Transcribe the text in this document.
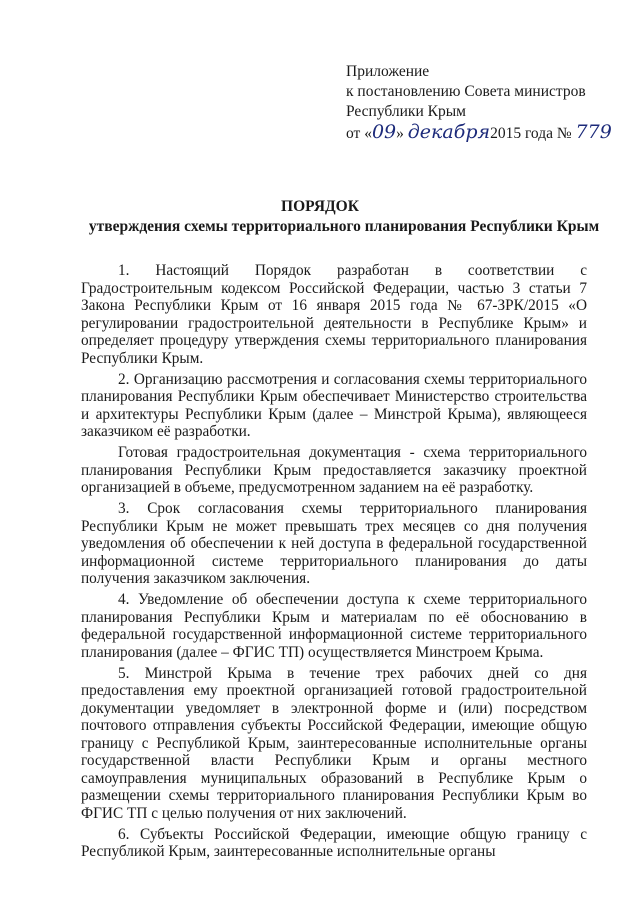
Приложение
к постановлению Совета министров
Республики Крым
от «09» декабря2015 года № 779
ПОРЯДОК
утверждения схемы территориального планирования Республики Крым

1. Настоящий Порядок разработан в соответствии с Градостроительным кодексом Российской Федерации, частью 3 статьи 7 Закона Республики Крым от 16 января 2015 года № 67-ЗРК/2015 «О регулировании градостроительной деятельности в Республике Крым» и определяет процедуру утверждения схемы территориального планирования Республики Крым.

2. Организацию рассмотрения и согласования схемы территориального планирования Республики Крым обеспечивает Министерство строительства и архитектуры Республики Крым (далее – Минстрой Крыма), являющееся заказчиком её разработки.

Готовая градостроительная документация - схема территориального планирования Республики Крым предоставляется заказчику проектной организацией в объеме, предусмотренном заданием на её разработку.

3. Срок согласования схемы территориального планирования Республики Крым не может превышать трех месяцев со дня получения уведомления об обеспечении к ней доступа в федеральной государственной информационной системе территориального планирования до даты получения заказчиком заключения.

4. Уведомление об обеспечении доступа к схеме территориального планирования Республики Крым и материалам по её обоснованию в федеральной государственной информационной системе территориального планирования (далее – ФГИС ТП) осуществляется Минстроем Крыма.

5. Минстрой Крыма в течение трех рабочих дней со дня предоставления ему проектной организацией готовой градостроительной документации уведомляет в электронной форме и (или) посредством почтового отправления субъекты Российской Федерации, имеющие общую границу с Республикой Крым, заинтересованные исполнительные органы государственной власти Республики Крым и органы местного самоуправления муниципальных образований в Республике Крым о размещении схемы территориального планирования Республики Крым во ФГИС ТП с целью получения от них заключений.

6. Субъекты Российской Федерации, имеющие общую границу с Республикой Крым, заинтересованные исполнительные органы
